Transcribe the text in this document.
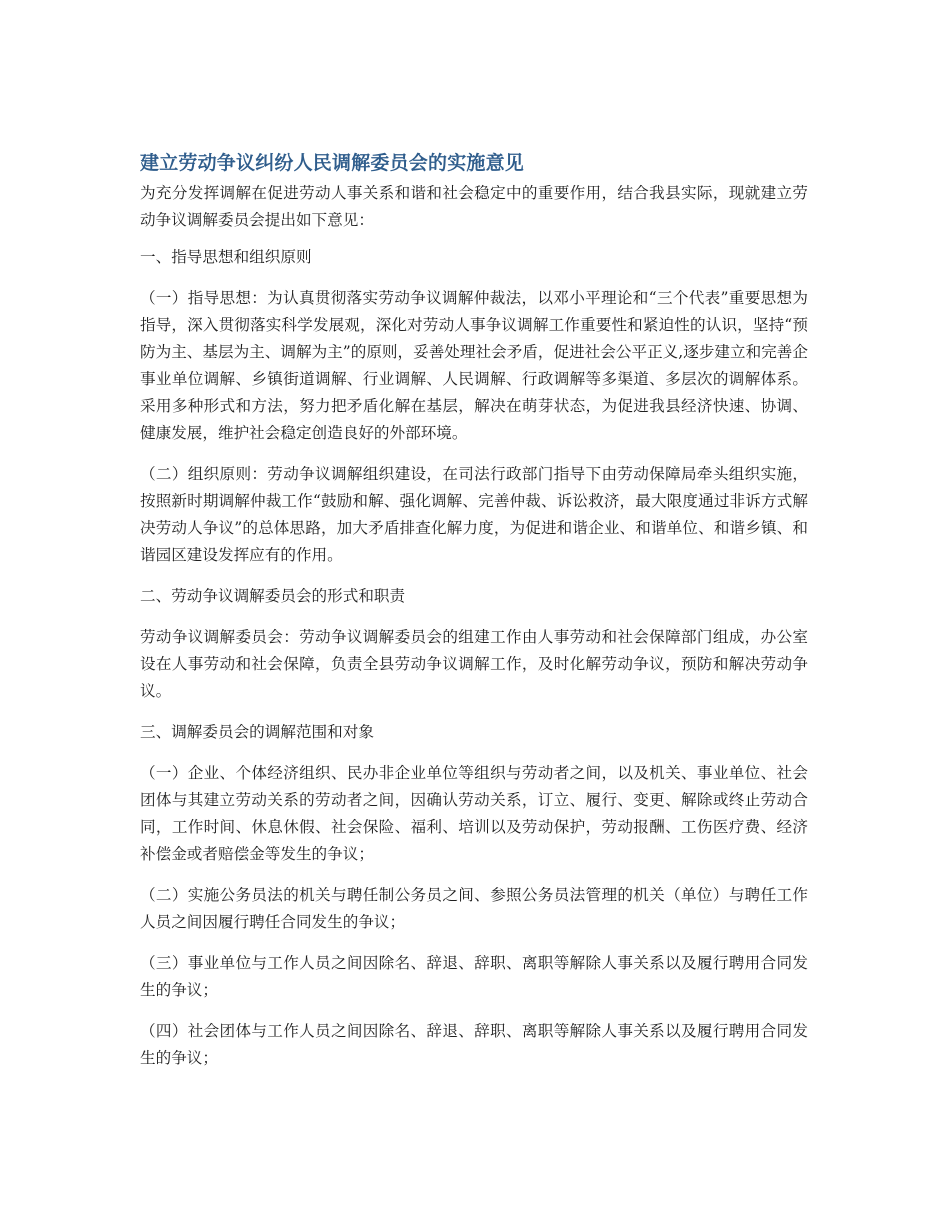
建立劳动争议纠纷人民调解委员会的实施意见

为充分发挥调解在促进劳动人事关系和谐和社会稳定中的重要作用，结合我县实际，现就建立劳动争议调解委员会提出如下意见：

一、指导思想和组织原则

（一）指导思想：为认真贯彻落实劳动争议调解仲裁法，以邓小平理论和“三个代表”重要思想为指导，深入贯彻落实科学发展观，深化对劳动人事争议调解工作重要性和紧迫性的认识，坚持“预防为主、基层为主、调解为主”的原则，妥善处理社会矛盾，促进社会公平正义,逐步建立和完善企事业单位调解、乡镇街道调解、行业调解、人民调解、行政调解等多渠道、多层次的调解体系。采用多种形式和方法，努力把矛盾化解在基层，解决在萌芽状态，为促进我县经济快速、协调、健康发展，维护社会稳定创造良好的外部环境。

（二）组织原则：劳动争议调解组织建设，在司法行政部门指导下由劳动保障局牵头组织实施，按照新时期调解仲裁工作“鼓励和解、强化调解、完善仲裁、诉讼救济，最大限度通过非诉方式解决劳动人争议”的总体思路，加大矛盾排查化解力度，为促进和谐企业、和谐单位、和谐乡镇、和谐园区建设发挥应有的作用。

二、劳动争议调解委员会的形式和职责

劳动争议调解委员会：劳动争议调解委员会的组建工作由人事劳动和社会保障部门组成，办公室设在人事劳动和社会保障，负责全县劳动争议调解工作，及时化解劳动争议，预防和解决劳动争议。

三、调解委员会的调解范围和对象

（一）企业、个体经济组织、民办非企业单位等组织与劳动者之间，以及机关、事业单位、社会团体与其建立劳动关系的劳动者之间，因确认劳动关系，订立、履行、变更、解除或终止劳动合同，工作时间、休息休假、社会保险、福利、培训以及劳动保护，劳动报酬、工伤医疗费、经济补偿金或者赔偿金等发生的争议；

（二）实施公务员法的机关与聘任制公务员之间、参照公务员法管理的机关（单位）与聘任工作人员之间因履行聘任合同发生的争议；

（三）事业单位与工作人员之间因除名、辞退、辞职、离职等解除人事关系以及履行聘用合同发生的争议；

（四）社会团体与工作人员之间因除名、辞退、辞职、离职等解除人事关系以及履行聘用合同发生的争议；
